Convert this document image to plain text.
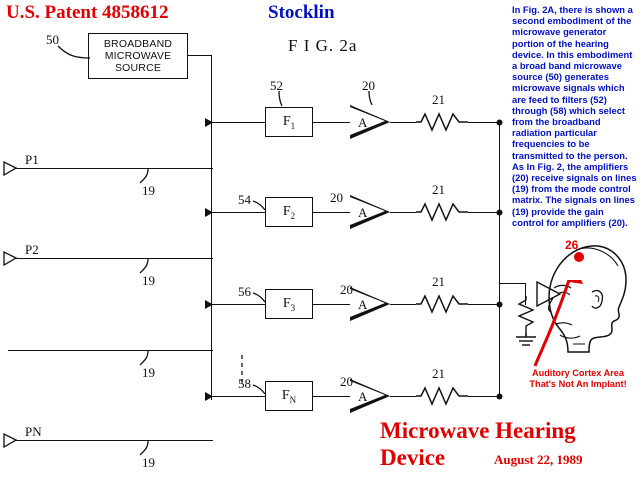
U.S. Patent 4858612	Stocklin	In Fig. 2A, there is shown a second embodiment of the microwave generator portion of the hearing device. In this embodiment a broad band microwave source (50) generates microwave signals which are feed to filters (52) through (58) which select from the broadband radiation particular frequencies to be transmitted to the person. As In Fig. 2, the amplifiers (20) receive signals on lines (19) from the mode control matrix. The signals on lines (19) provide the gain control for amplifiers (20).
F I G. 2a
BROADBAND
MICROWAVE
SOURCE
50
$F_1$
52
A
20
21
P1
19
$F_2$
54
A
20
21
P2
19
$F_3$
56
A
20
21
19
$F_N$
58
A
20
21
PN
19
26
Auditory Cortex Area
That's Not An Implant!
Microwave Hearing
Device	August 22, 1989
